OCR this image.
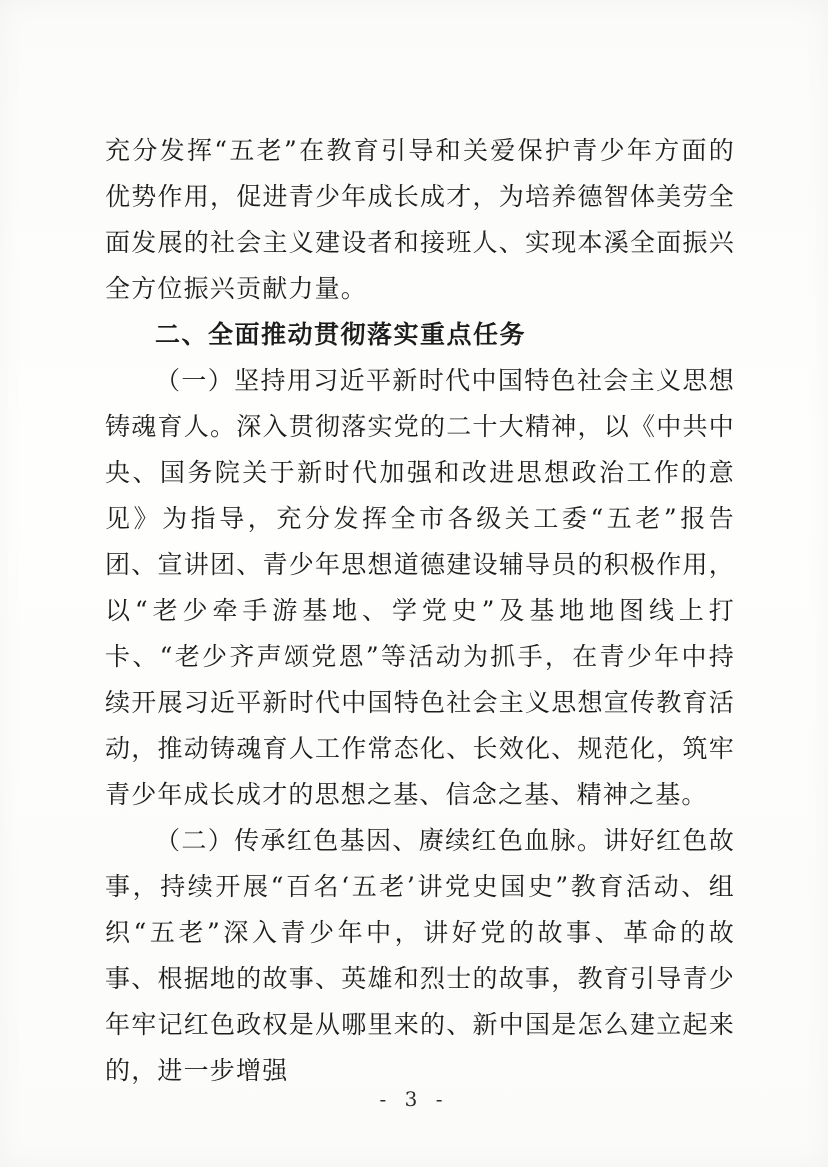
充分发挥“五老”在教育引导和关爱保护青少年方面的优势作用，促进青少年成长成才，为培养德智体美劳全面发展的社会主义建设者和接班人、实现本溪全面振兴全方位振兴贡献力量。

二、全面推动贯彻落实重点任务

（一）坚持用习近平新时代中国特色社会主义思想铸魂育人。深入贯彻落实党的二十大精神，以《中共中央、国务院关于新时代加强和改进思想政治工作的意见》为指导，充分发挥全市各级关工委“五老”报告团、宣讲团、青少年思想道德建设辅导员的积极作用，以“老少牵手游基地、学党史”及基地地图线上打卡、“老少齐声颂党恩”等活动为抓手，在青少年中持续开展习近平新时代中国特色社会主义思想宣传教育活动，推动铸魂育人工作常态化、长效化、规范化，筑牢青少年成长成才的思想之基、信念之基、精神之基。

（二）传承红色基因、赓续红色血脉。讲好红色故事，持续开展“百名‘五老’讲党史国史”教育活动、组织“五老”深入青少年中，讲好党的故事、革命的故事、根据地的故事、英雄和烈士的故事，教育引导青少年牢记红色政权是从哪里来的、新中国是怎么建立起来的，进一步增强

- 3 -
